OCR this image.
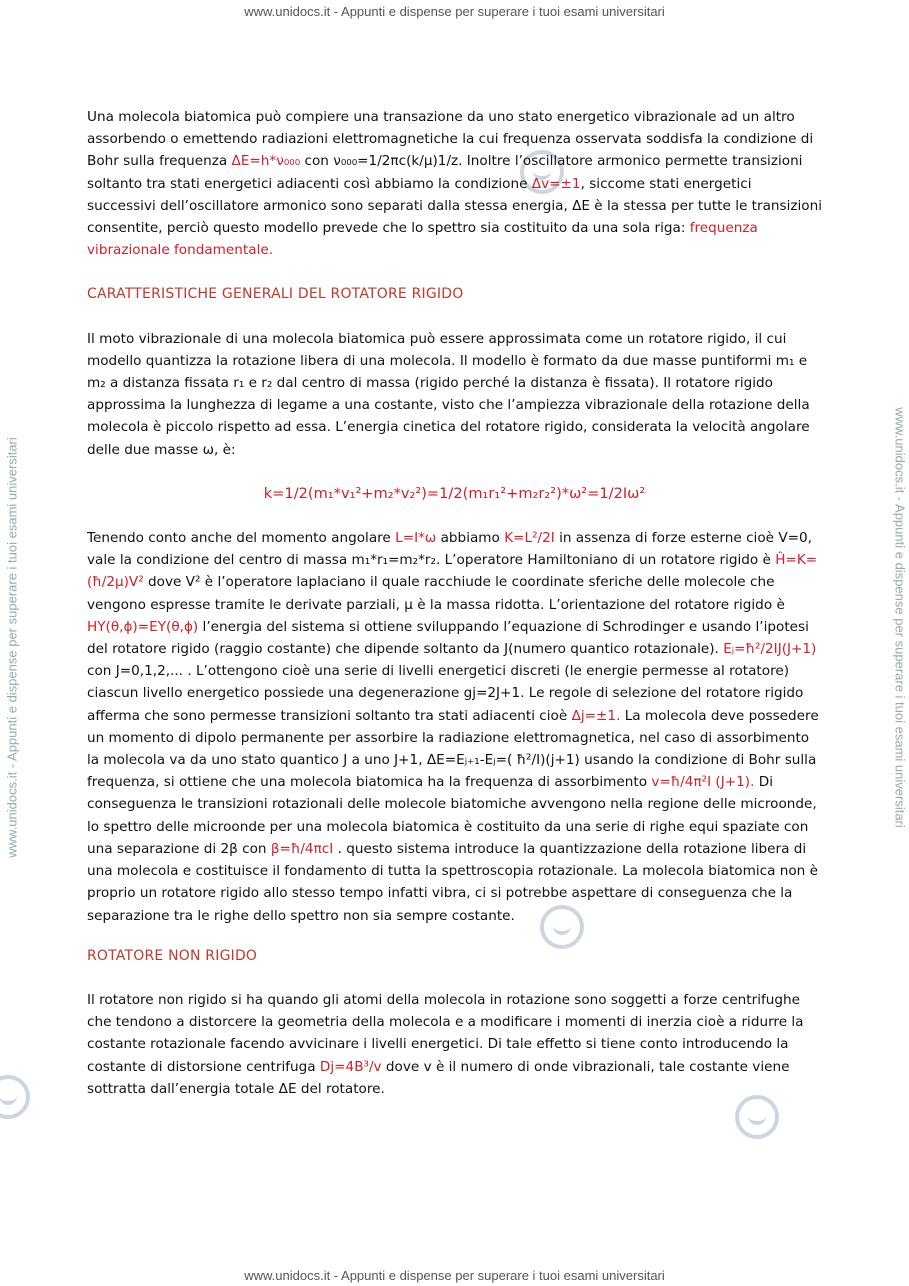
www.unidocs.it - Appunti e dispense per superare i tuoi esami universitari
www.unidocs.it - Appunti e dispense per superare i tuoi esami universitari	www.unidocs.it - Appunti e dispense per superare i tuoi esami universitari

Una molecola biatomica può compiere una transazione da uno stato energetico vibrazionale ad un altro assorbendo o emettendo radiazioni elettromagnetiche la cui frequenza osservata soddisfa la condizione di Bohr sulla frequenza ΔE=h*ν₀₀₀ con ν₀₀₀=1/2πc(k/μ)1/z. Inoltre l’oscillatore armonico permette transizioni soltanto tra stati energetici adiacenti così abbiamo la condizione Δv=±1, siccome stati energetici successivi dell’oscillatore armonico sono separati dalla stessa energia, ΔE è la stessa per tutte le transizioni consentite, perciò questo modello prevede che lo spettro sia costituito da una sola riga: frequenza vibrazionale fondamentale.

CARATTERISTICHE GENERALI DEL ROTATORE RIGIDO

Il moto vibrazionale di una molecola biatomica può essere approssimata come un rotatore rigido, il cui modello quantizza la rotazione libera di una molecola. Il modello è formato da due masse puntiformi m₁ e m₂ a distanza fissata r₁ e r₂ dal centro di massa (rigido perché la distanza è fissata). Il rotatore rigido approssima la lunghezza di legame a una costante, visto che l’ampiezza vibrazionale della rotazione della molecola è piccolo rispetto ad essa. L’energia cinetica del rotatore rigido, considerata la velocità angolare delle due masse ω, è:

k=1/2(m₁*v₁²+m₂*v₂²)=1/2(m₁r₁²+m₂r₂²)*ω²=1/2Iω²

Tenendo conto anche del momento angolare L=I*ω abbiamo K=L²/2I in assenza di forze esterne cioè V=0, vale la condizione del centro di massa m₁*r₁=m₂*r₂. L’operatore Hamiltoniano di un rotatore rigido è Ĥ=K=(ħ/2μ)V² dove V² è l’operatore laplaciano il quale racchiude le coordinate sferiche delle molecole che vengono espresse tramite le derivate parziali, μ è la massa ridotta. L’orientazione del rotatore rigido è HY(θ,ϕ)=EY(θ,ϕ) l’energia del sistema si ottiene sviluppando l’equazione di Schrodinger e usando l’ipotesi del rotatore rigido (raggio costante) che dipende soltanto da J(numero quantico rotazionale). Eⱼ=ħ²/2IJ(J+1) con J=0,1,2,... . L’ottengono cioè una serie di livelli energetici discreti (le energie permesse al rotatore) ciascun livello energetico possiede una degenerazione gj=2J+1. Le regole di selezione del rotatore rigido afferma che sono permesse transizioni soltanto tra stati adiacenti cioè Δj=±1. La molecola deve possedere un momento di dipolo permanente per assorbire la radiazione elettromagnetica, nel caso di assorbimento la molecola va da uno stato quantico J a uno J+1, ΔE=Eⱼ₊₁-Eⱼ=( ħ²/I)(j+1) usando la condizione di Bohr sulla frequenza, si ottiene che una molecola biatomica ha la frequenza di assorbimento v=ħ/4π²I (J+1). Di conseguenza le transizioni rotazionali delle molecole biatomiche avvengono nella regione delle microonde, lo spettro delle microonde per una molecola biatomica è costituito da una serie di righe equi spaziate con una separazione di 2β con β=ħ/4πcI . questo sistema introduce la quantizzazione della rotazione libera di una molecola e costituisce il fondamento di tutta la spettroscopia rotazionale. La molecola biatomica non è proprio un rotatore rigido allo stesso tempo infatti vibra, ci si potrebbe aspettare di conseguenza che la separazione tra le righe dello spettro non sia sempre costante.

ROTATORE NON RIGIDO

Il rotatore non rigido si ha quando gli atomi della molecola in rotazione sono soggetti a forze centrifughe che tendono a distorcere la geometria della molecola e a modificare i momenti di inerzia cioè a ridurre la costante rotazionale facendo avvicinare i livelli energetici. Di tale effetto si tiene conto introducendo la costante di distorsione centrifuga Dj=4B³/v dove v è il numero di onde vibrazionali, tale costante viene sottratta dall’energia totale ΔE del rotatore.

www.unidocs.it - Appunti e dispense per superare i tuoi esami universitari
